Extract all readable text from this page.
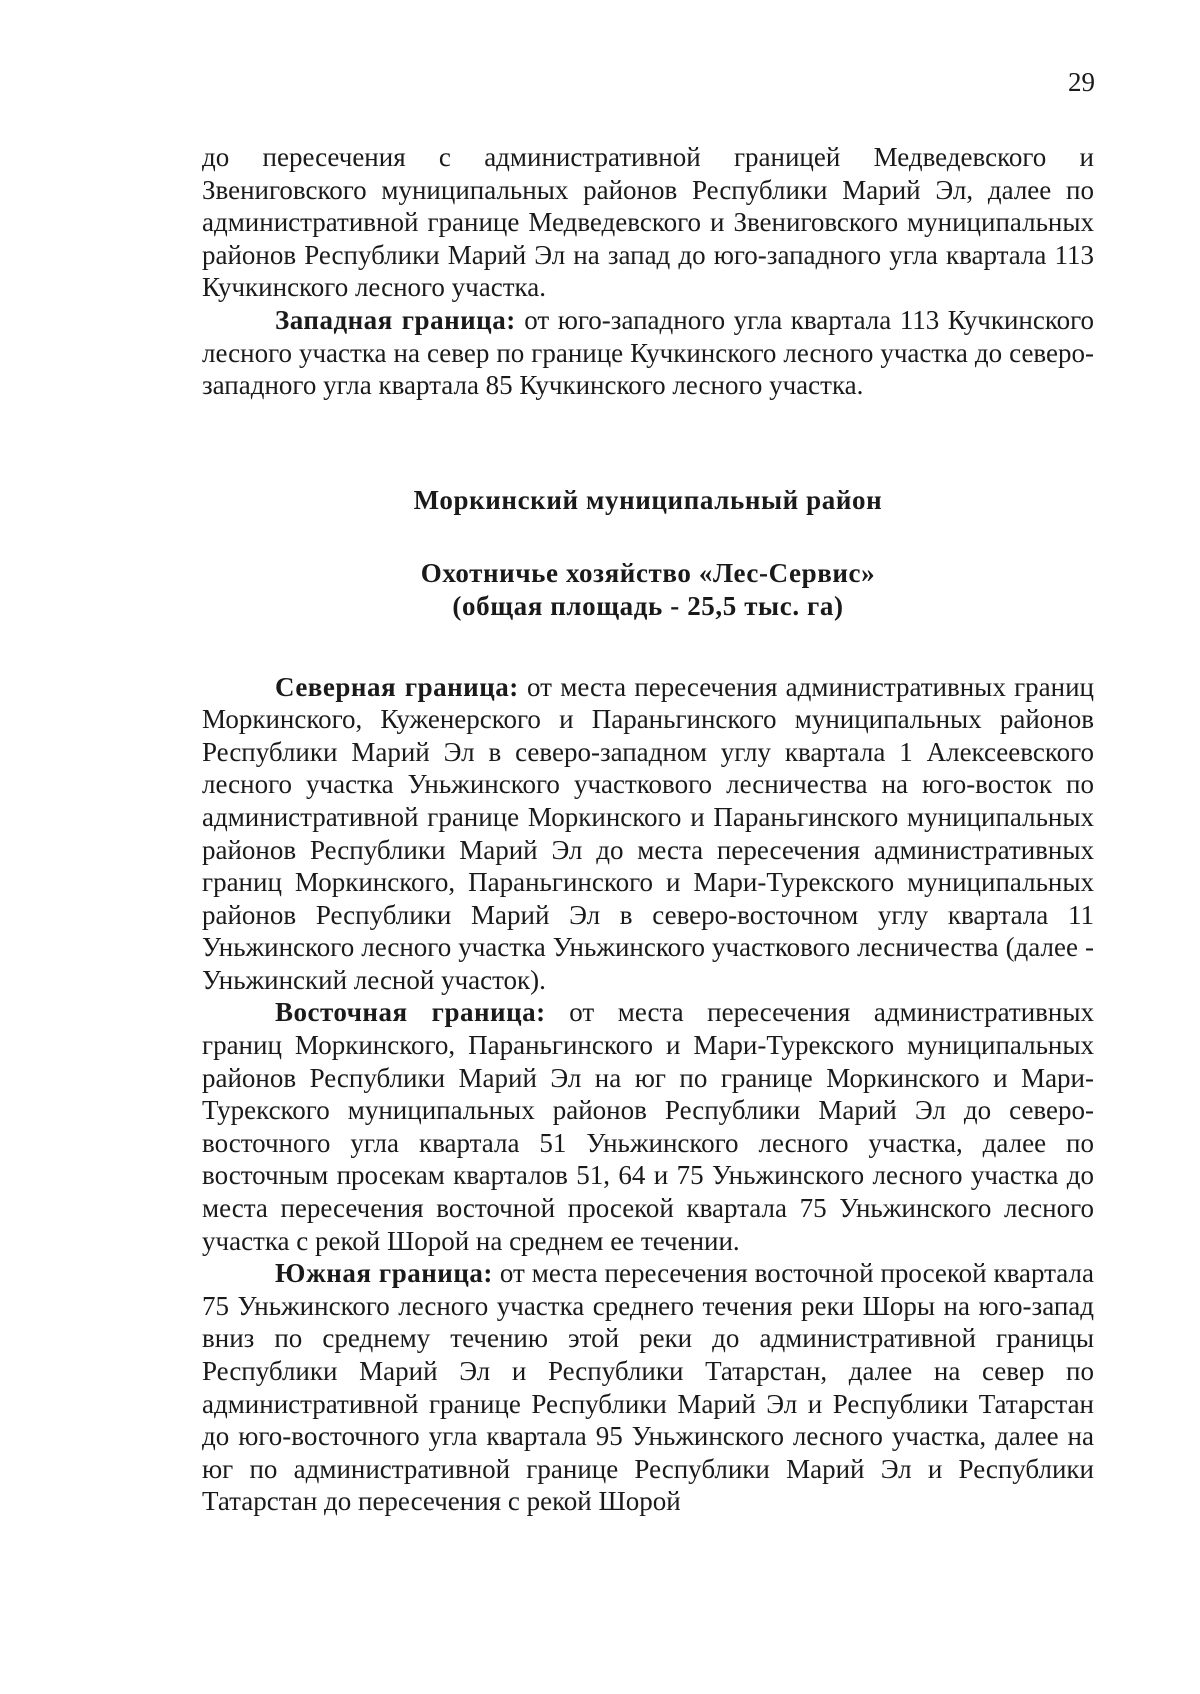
29

до пересечения с административной границей Медведевского и Звениговского муниципальных районов Республики Марий Эл, далее по административной границе Медведевского и Звениговского муниципальных районов Республики Марий Эл на запад до юго-западного угла квартала 113 Кучкинского лесного участка.

Западная граница: от юго-западного угла квартала 113 Кучкинского лесного участка на север по границе Кучкинского лесного участка до северо-западного угла квартала 85 Кучкинского лесного участка.

Моркинский муниципальный район

Охотничье хозяйство «Лес-Сервис»

(общая площадь - 25,5 тыс. га)

Северная граница: от места пересечения административных границ Моркинского, Куженерского и Параньгинского муниципальных районов Республики Марий Эл в северо-западном углу квартала 1 Алексеевского лесного участка Уньжинского участкового лесничества на юго-восток по административной границе Моркинского и Параньгинского муниципальных районов Республики Марий Эл до места пересечения административных границ Моркинского, Параньгинского и Мари-Турекского муниципальных районов Республики Марий Эл в северо-восточном углу квартала 11 Уньжинского лесного участка Уньжинского участкового лесничества (далее - Уньжинский лесной участок).

Восточная граница: от места пересечения административных границ Моркинского, Параньгинского и Мари-Турекского муниципальных районов Республики Марий Эл на юг по границе Моркинского и Мари-Турекского муниципальных районов Республики Марий Эл до северо-восточного угла квартала 51 Уньжинского лесного участка, далее по восточным просекам кварталов 51, 64 и 75 Уньжинского лесного участка до места пересечения восточной просекой квартала 75 Уньжинского лесного участка с рекой Шорой на среднем ее течении.

Южная граница: от места пересечения восточной просекой квартала 75 Уньжинского лесного участка среднего течения реки Шоры на юго-запад вниз по среднему течению этой реки до административной границы Республики Марий Эл и Республики Татарстан, далее на север по административной границе Республики Марий Эл и Республики Татарстан до юго-восточного угла квартала 95 Уньжинского лесного участка, далее на юг по административной границе Республики Марий Эл и Республики Татарстан до пересечения с рекой Шорой
